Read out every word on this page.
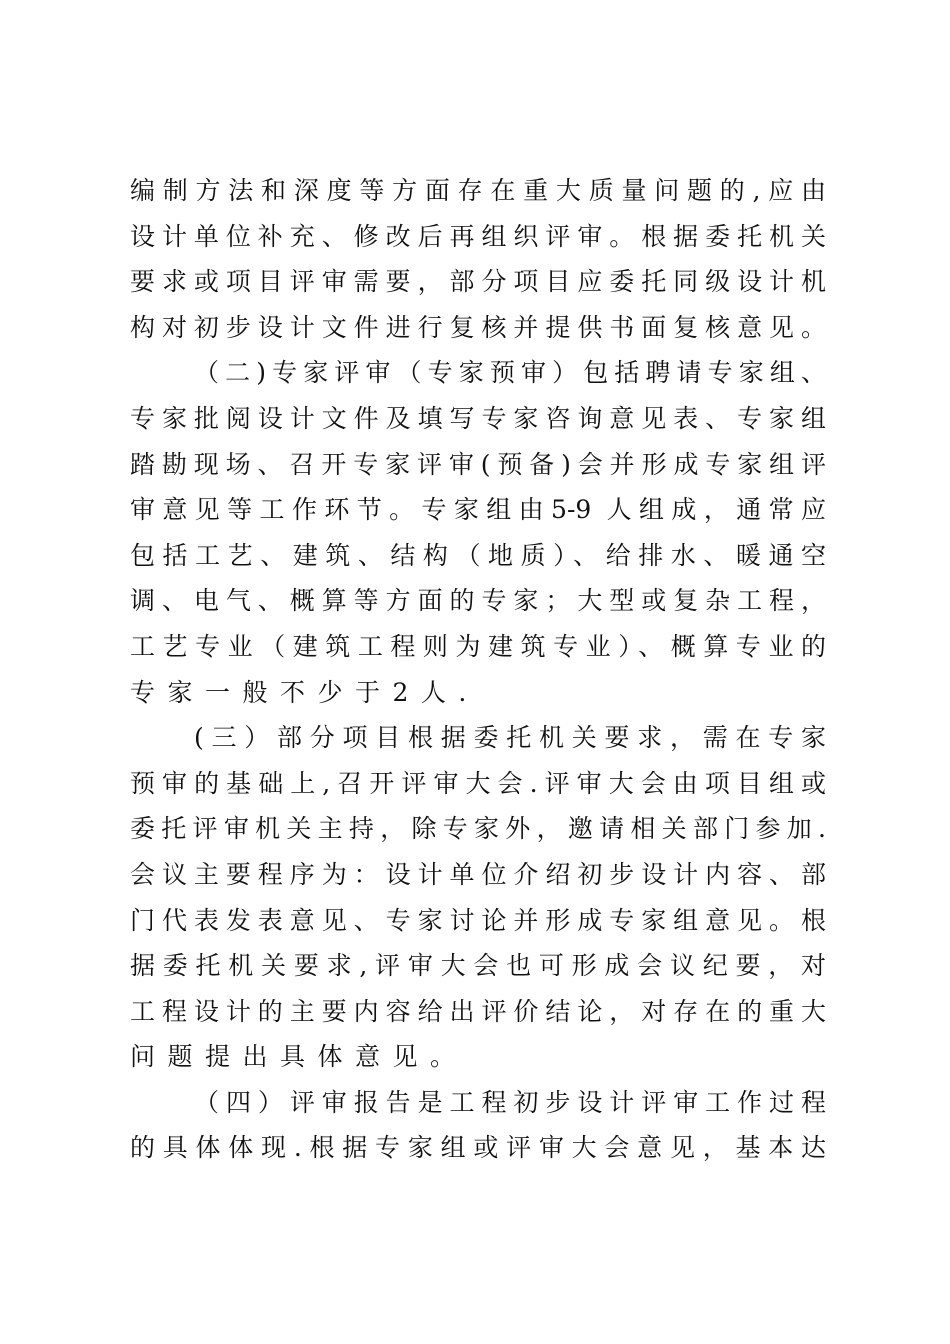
编制方法和深度等方面存在重大质量问题的,应由
设计单位补充、修改后再组织评审。根据委托机关
要求或项目评审需要，部分项目应委托同级设计机
构对初步设计文件进行复核并提供书面复核意见。
（二)专家评审（专家预审）包括聘请专家组、
专家批阅设计文件及填写专家咨询意见表、专家组
踏勘现场、召开专家评审(预备)会并形成专家组评
审意见等工作环节。专家组由5-9 人组成，通常应
包括工艺、建筑、结构（地质）、给排水、暖通空
调、电气、概算等方面的专家；大型或复杂工程，
工艺专业（建筑工程则为建筑专业）、概算专业的
专家一般不少于2人.
(三）部分项目根据委托机关要求，需在专家
预审的基础上,召开评审大会.评审大会由项目组或
委托评审机关主持，除专家外，邀请相关部门参加.
会议主要程序为：设计单位介绍初步设计内容、部
门代表发表意见、专家讨论并形成专家组意见。根
据委托机关要求,评审大会也可形成会议纪要，对
工程设计的主要内容给出评价结论，对存在的重大
问题提出具体意见。
（四）评审报告是工程初步设计评审工作过程
的具体体现.根据专家组或评审大会意见，基本达
